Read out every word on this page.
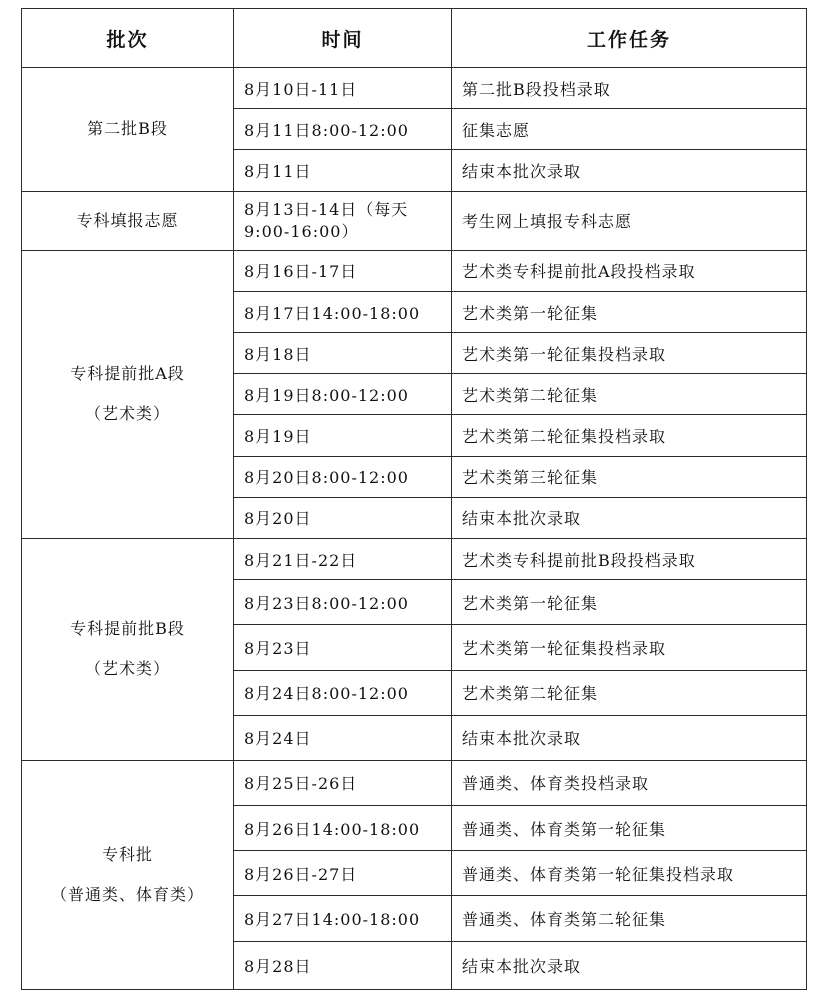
批次	时间	工作任务

第二批B段	8月10日-11日	第二批B段投档录取
	8月11日8:00-12:00	征集志愿
	8月11日	结束本批次录取

专科填报志愿	8月13日-14日（每天9:00-16:00）	考生网上填报专科志愿

专科提前批A段
（艺术类）	8月16日-17日	艺术类专科提前批A段投档录取
	8月17日14:00-18:00	艺术类第一轮征集
	8月18日	艺术类第一轮征集投档录取
	8月19日8:00-12:00	艺术类第二轮征集
	8月19日	艺术类第二轮征集投档录取
	8月20日8:00-12:00	艺术类第三轮征集
	8月20日	结束本批次录取

专科提前批B段
（艺术类）	8月21日-22日	艺术类专科提前批B段投档录取
	8月23日8:00-12:00	艺术类第一轮征集
	8月23日	艺术类第一轮征集投档录取
	8月24日8:00-12:00	艺术类第二轮征集
	8月24日	结束本批次录取

专科批
（普通类、体育类）	8月25日-26日	普通类、体育类投档录取
	8月26日14:00-18:00	普通类、体育类第一轮征集
	8月26日-27日	普通类、体育类第一轮征集投档录取
	8月27日14:00-18:00	普通类、体育类第二轮征集
	8月28日	结束本批次录取
